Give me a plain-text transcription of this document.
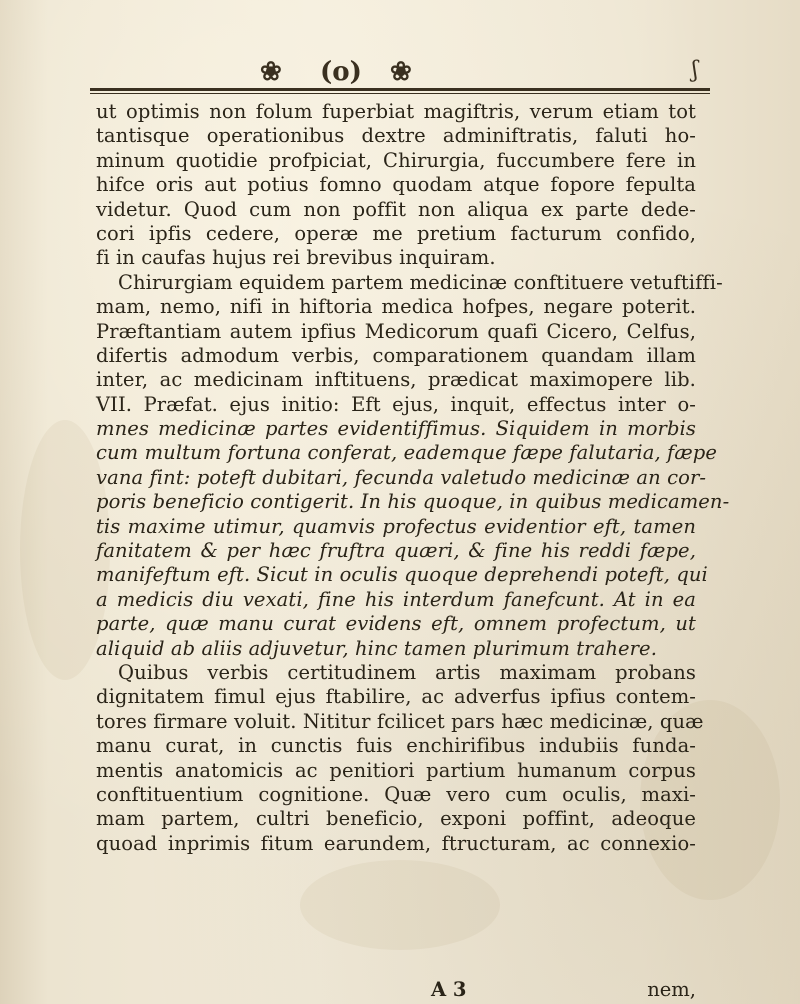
❀ (o) ❀	ʃ
ut optimis non folum fuperbiat magiftris, verum etiam tot
tantisque operationibus dextre adminiftratis, faluti ho-
minum quotidie profpiciat, Chirurgia, fuccumbere fere in
hifce oris aut potius fomno quodam atque fopore fepulta
videtur. Quod cum non poffit non aliqua ex parte dede-
cori ipfis cedere, operæ me pretium facturum confido,
fi in caufas hujus rei brevibus inquiram.
Chirurgiam equidem partem medicinæ conftituere vetuftiffi-
mam, nemo, nifi in hiftoria medica hofpes, negare poterit.
Præftantiam autem ipfius Medicorum quafi Cicero, Celfus,
difertis admodum verbis, comparationem quandam illam
inter, ac medicinam inftituens, prædicat maximopere lib.
VII. Præfat. ejus initio: Eft ejus, inquit, effectus inter o-
mnes medicinæ partes evidentiffimus. Siquidem in morbis
cum multum fortuna conferat, eademque fæpe falutaria, fæpe
vana fint: poteft dubitari, fecunda valetudo medicinæ an cor-
poris beneficio contigerit. In his quoque, in quibus medicamen-
tis maxime utimur, quamvis profectus evidentior eft, tamen
fanitatem & per hæc fruftra quæri, & fine his reddi fæpe,
manifeftum eft. Sicut in oculis quoque deprehendi poteft, qui
a medicis diu vexati, fine his interdum fanefcunt. At in ea
parte, quæ manu curat evidens eft, omnem profectum, ut
aliquid ab aliis adjuvetur, hinc tamen plurimum trahere.
Quibus verbis certitudinem artis maximam probans
dignitatem fimul ejus ftabilire, ac adverfus ipfius contem-
tores firmare voluit. Nititur fcilicet pars hæc medicinæ, quæ
manu curat, in cunctis fuis enchirifibus indubiis funda-
mentis anatomicis ac penitiori partium humanum corpus
conftituentium cognitione. Quæ vero cum oculis, maxi-
mam partem, cultri beneficio, exponi poffint, adeoque
quoad inprimis fitum earundem, ftructuram, ac connexio-
A 3	nem,
